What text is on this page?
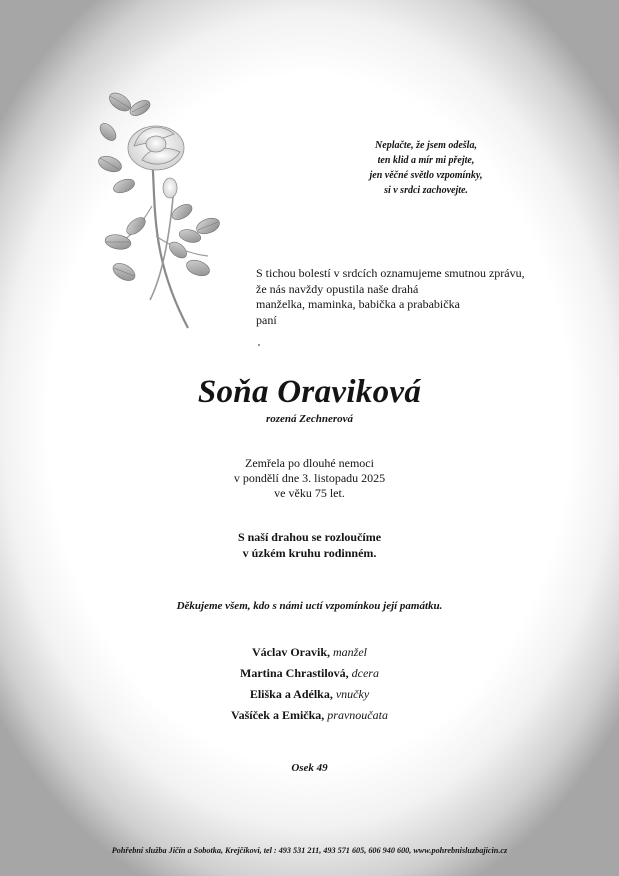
Neplačte, že jsem odešla,
ten klid a mír mi přejte,
jen věčné světlo vzpomínky,
si v srdci zachovejte.
S tichou bolestí v srdcích oznamujeme smutnou zprávu,
že nás navždy opustila naše drahá
manželka, maminka, babička a prababička
paní
Soňa Oraviková
rozená Zechnerová
Zemřela po dlouhé nemoci
v pondělí dne 3. listopadu 2025
ve věku 75 let.
S naší drahou se rozloučíme
v úzkém kruhu rodinném.
Děkujeme všem, kdo s námi uctí vzpomínkou její památku.
Václav Oravik, manžel
Martina Chrastilová, dcera
Eliška a Adélka, vnučky
Vašíček a Emička, pravnoučata
Osek 49
Pohřební služba Jičín a Sobotka, Krejčíkovi, tel : 493 531 211, 493 571 605, 606 940 600, www.pohrebnisluzbajicin.cz
